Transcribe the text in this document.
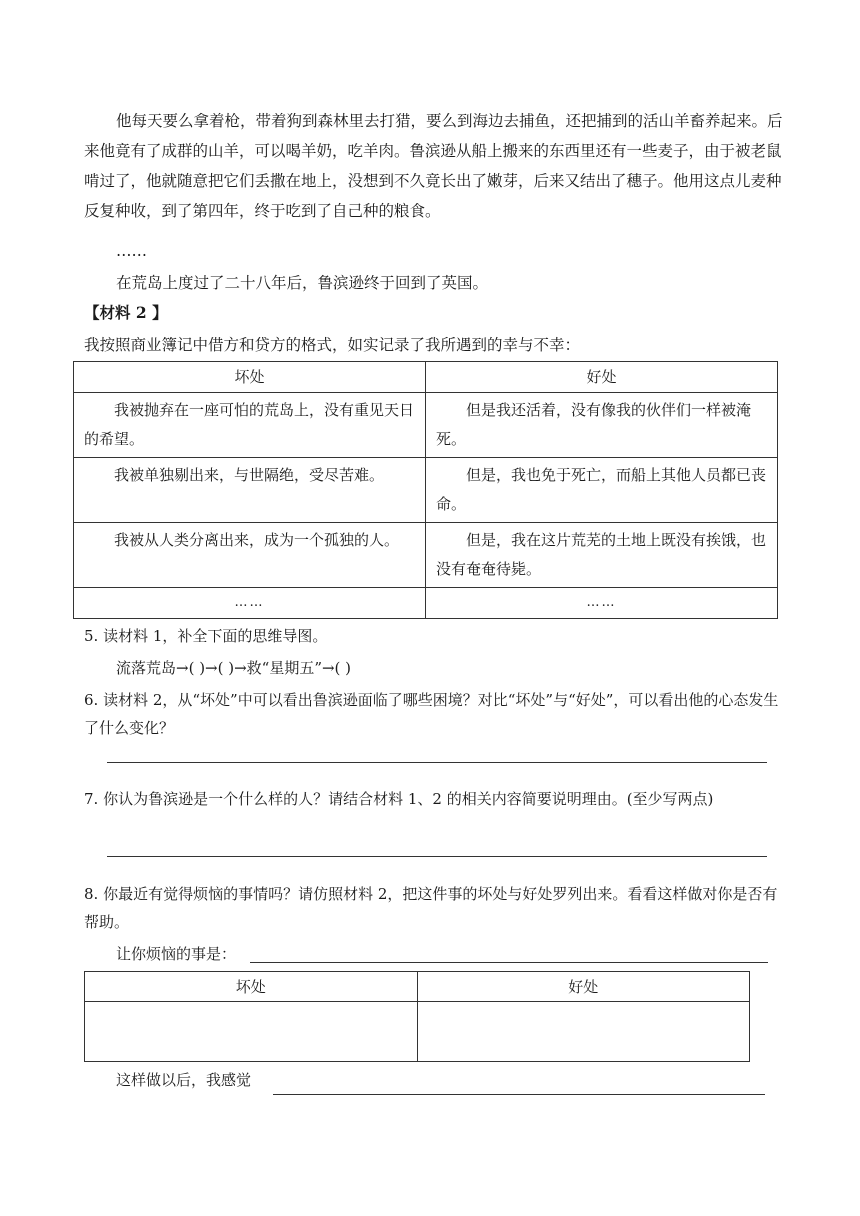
他每天要么拿着枪，带着狗到森林里去打猎，要么到海边去捕鱼，还把捕到的活山羊畜养起来。后来他竟有了成群的山羊，可以喝羊奶，吃羊肉。鲁滨逊从船上搬来的东西里还有一些麦子，由于被老鼠啃过了，他就随意把它们丢撒在地上，没想到不久竟长出了嫩芽，后来又结出了穗子。他用这点儿麦种反复种收，到了第四年，终于吃到了自己种的粮食。
……
在荒岛上度过了二十八年后，鲁滨逊终于回到了英国。
【材料 2 】
我按照商业簿记中借方和贷方的格式，如实记录了我所遇到的幸与不幸：
坏处	好处
我被抛弃在一座可怕的荒岛上，没有重见天日的希望。	但是我还活着，没有像我的伙伴们一样被淹死。
我被单独剔出来，与世隔绝，受尽苦难。	但是，我也免于死亡，而船上其他人员都已丧命。
我被从人类分离出来，成为一个孤独的人。	但是，我在这片荒芜的土地上既没有挨饿，也没有奄奄待毙。
……	……
5. 读材料 1，补全下面的思维导图。
流落荒岛→( )→( )→救“星期五”→( )
6. 读材料 2，从“坏处”中可以看出鲁滨逊面临了哪些困境？对比“坏处”与“好处”，可以看出他的心态发生了什么变化？
7. 你认为鲁滨逊是一个什么样的人？请结合材料 1、2 的相关内容简要说明理由。(至少写两点)
8. 你最近有觉得烦恼的事情吗？请仿照材料 2，把这件事的坏处与好处罗列出来。看看这样做对你是否有帮助。
让你烦恼的事是：
坏处	好处

这样做以后，我感觉
